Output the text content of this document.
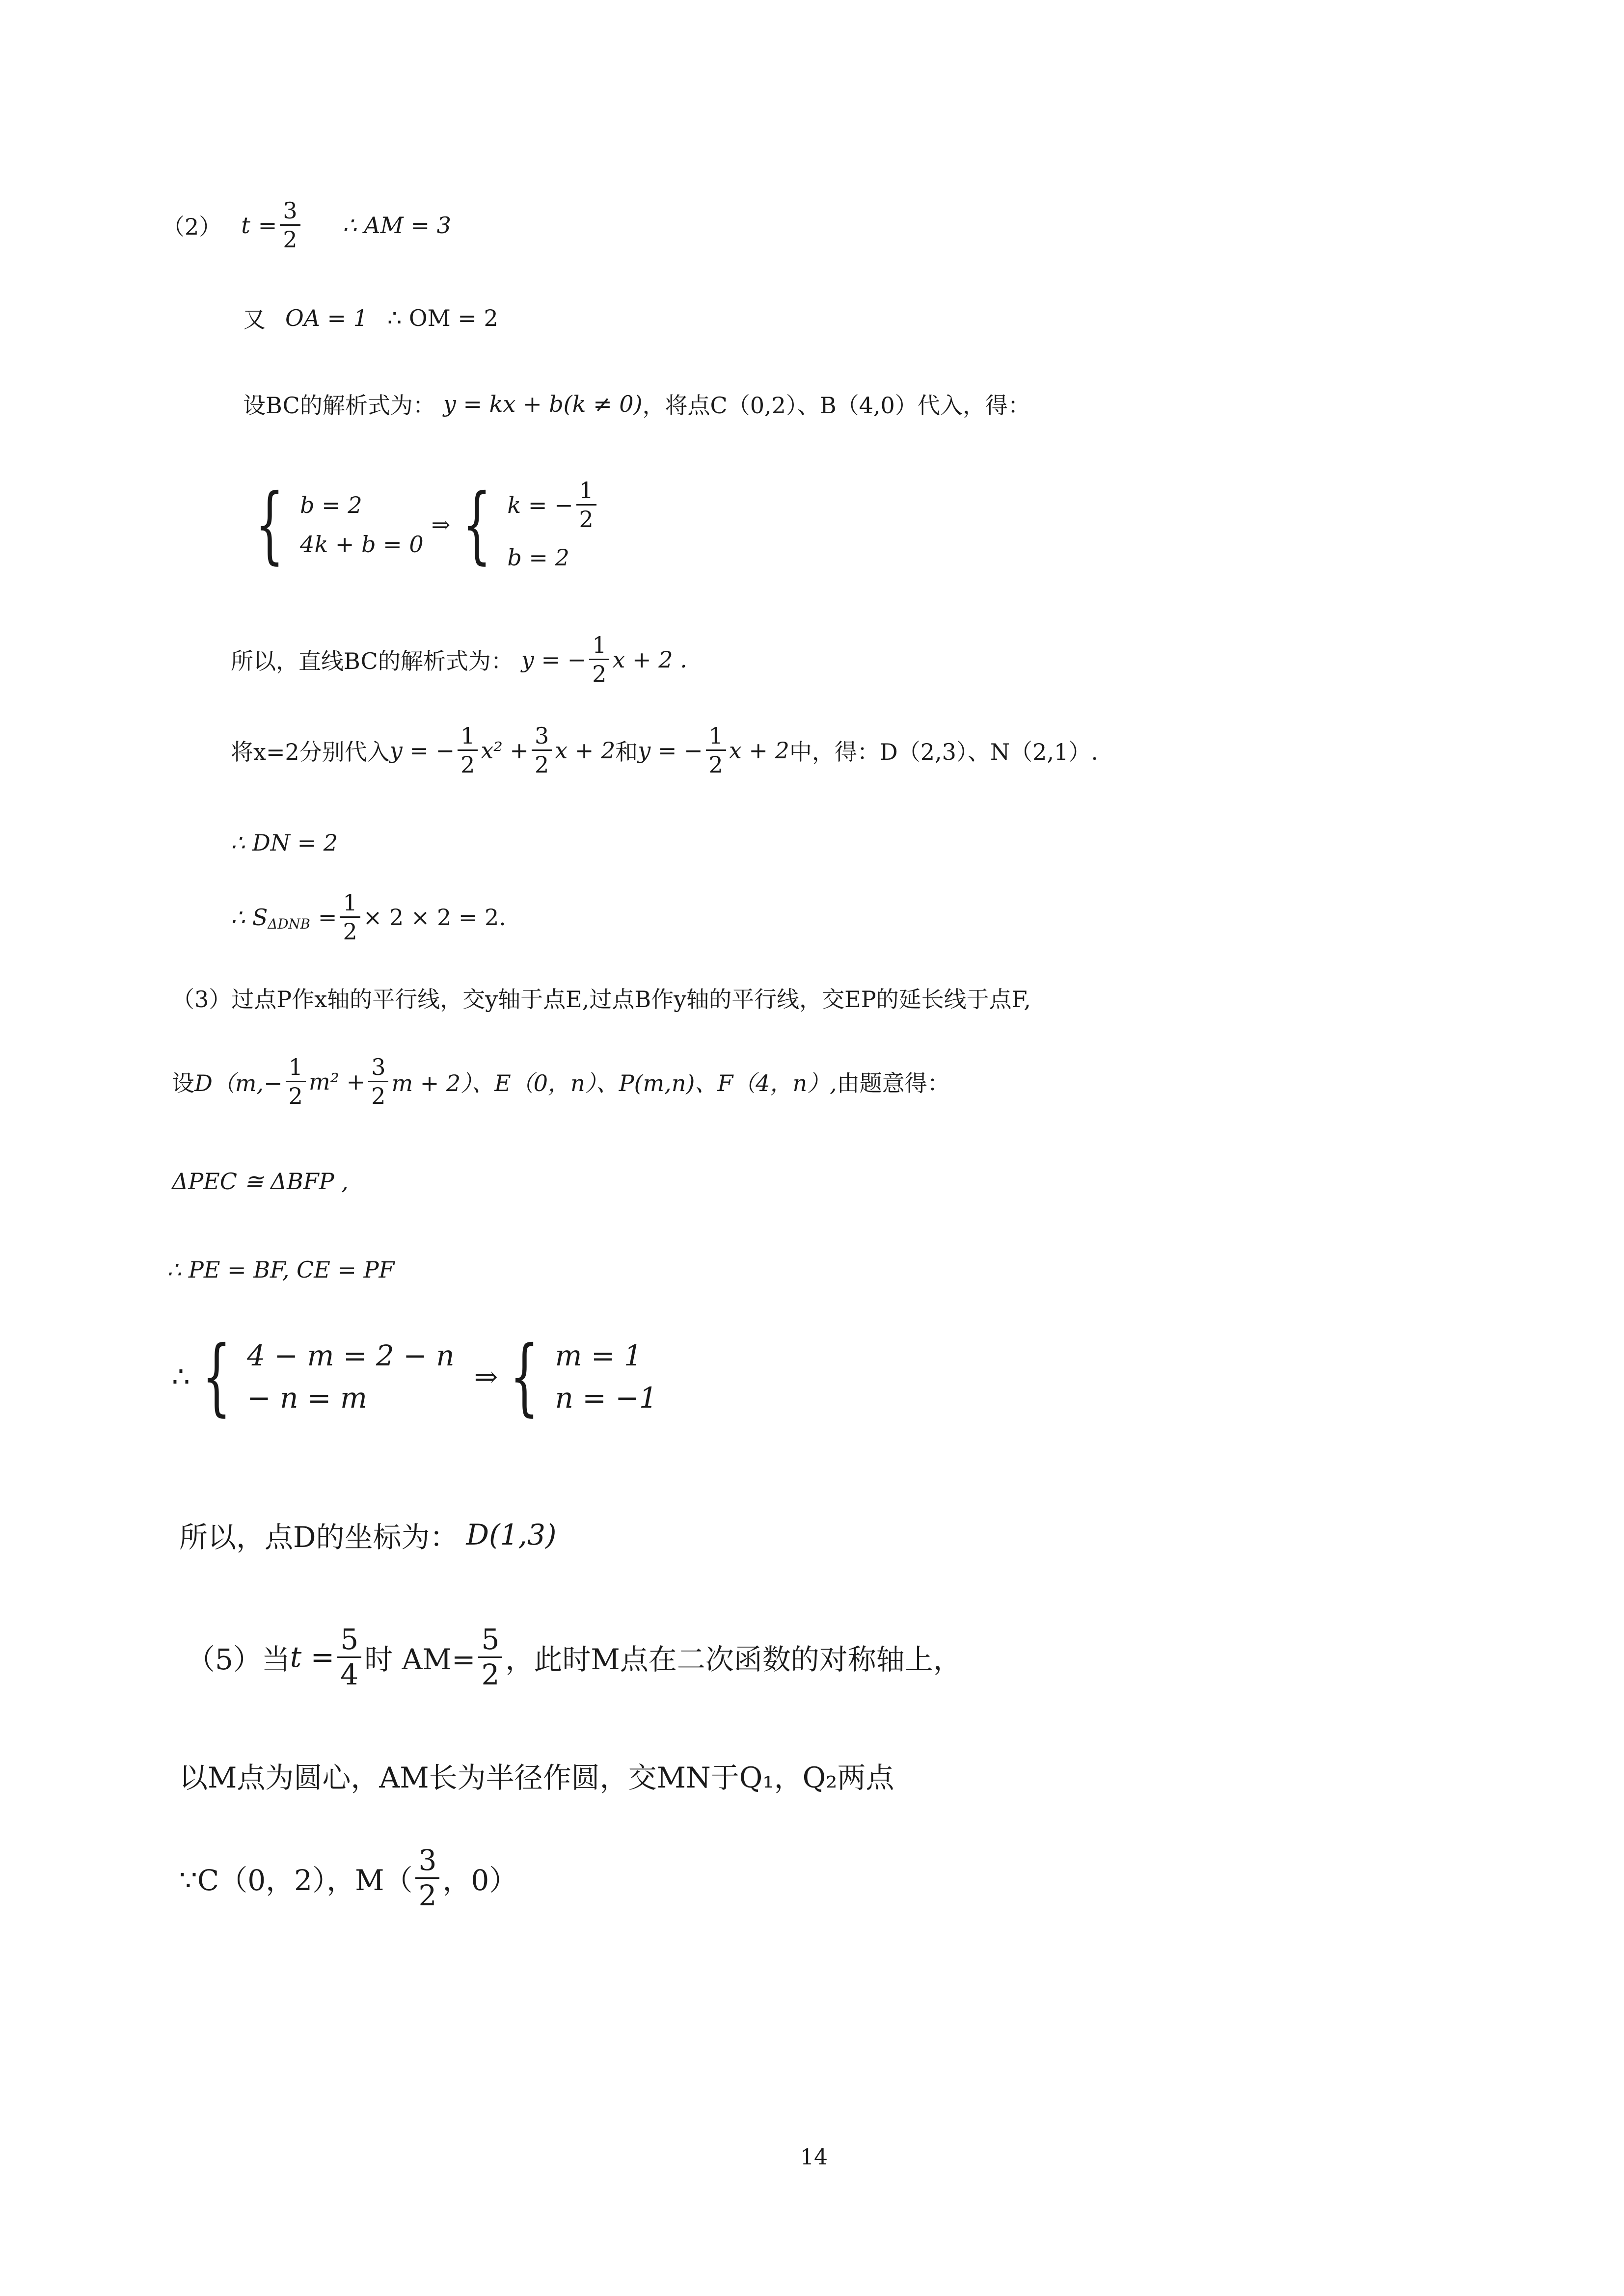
（2） $t = \frac{3}{2}$ ∴ AM = 3
又 OA = 1 ∴ OM = 2
设BC的解析式为： y = kx + b(k ≠ 0) ，将点C（0,2）、B（4,0）代入，得：
{ b = 2
4k + b = 0
⇒ { k = − $\frac{1}{2}$
b = 2
所以，直线BC的解析式为： y = − $\frac{1}{2}$ x + 2 .
将x=2分别代入 y = − $\frac{1}{2} x^2 + \frac{3}{2}$ x + 2 和 y = − $\frac{1}{2}$ x + 2 中，得：D（2,3）、N（2,1）.
∴ DN = 2
∴ $S_{\Delta DNB} = \frac{1}{2} \times 2 \times 2 = 2$.
（3）过点P作x轴的平行线，交y轴于点E,过点B作y轴的平行线，交EP的延长线于点F,
设 $D(m,- \frac{1}{2} m^2 + \frac{3}{2}$ m + 2）、E（0，n）、P(m,n)、F（4，n）, 由题意得：
ΔPEC ≅ ΔBFP ,
∴ PE = BF, CE = PF
∴ { 4 − m = 2 − n
− n = m
⇒ { m = 1
n = −1
所以，点D的坐标为： D(1,3)
（5）当 $t = \frac{5}{4}$ 时 $AM= \frac{5}{2}$ ，此时M点在二次函数的对称轴上，
以M点为圆心，AM长为半径作圆，交MN于Q₁，Q₂两点
∵C（0，2），$M( \frac{3}{2}$ ，0）
14
